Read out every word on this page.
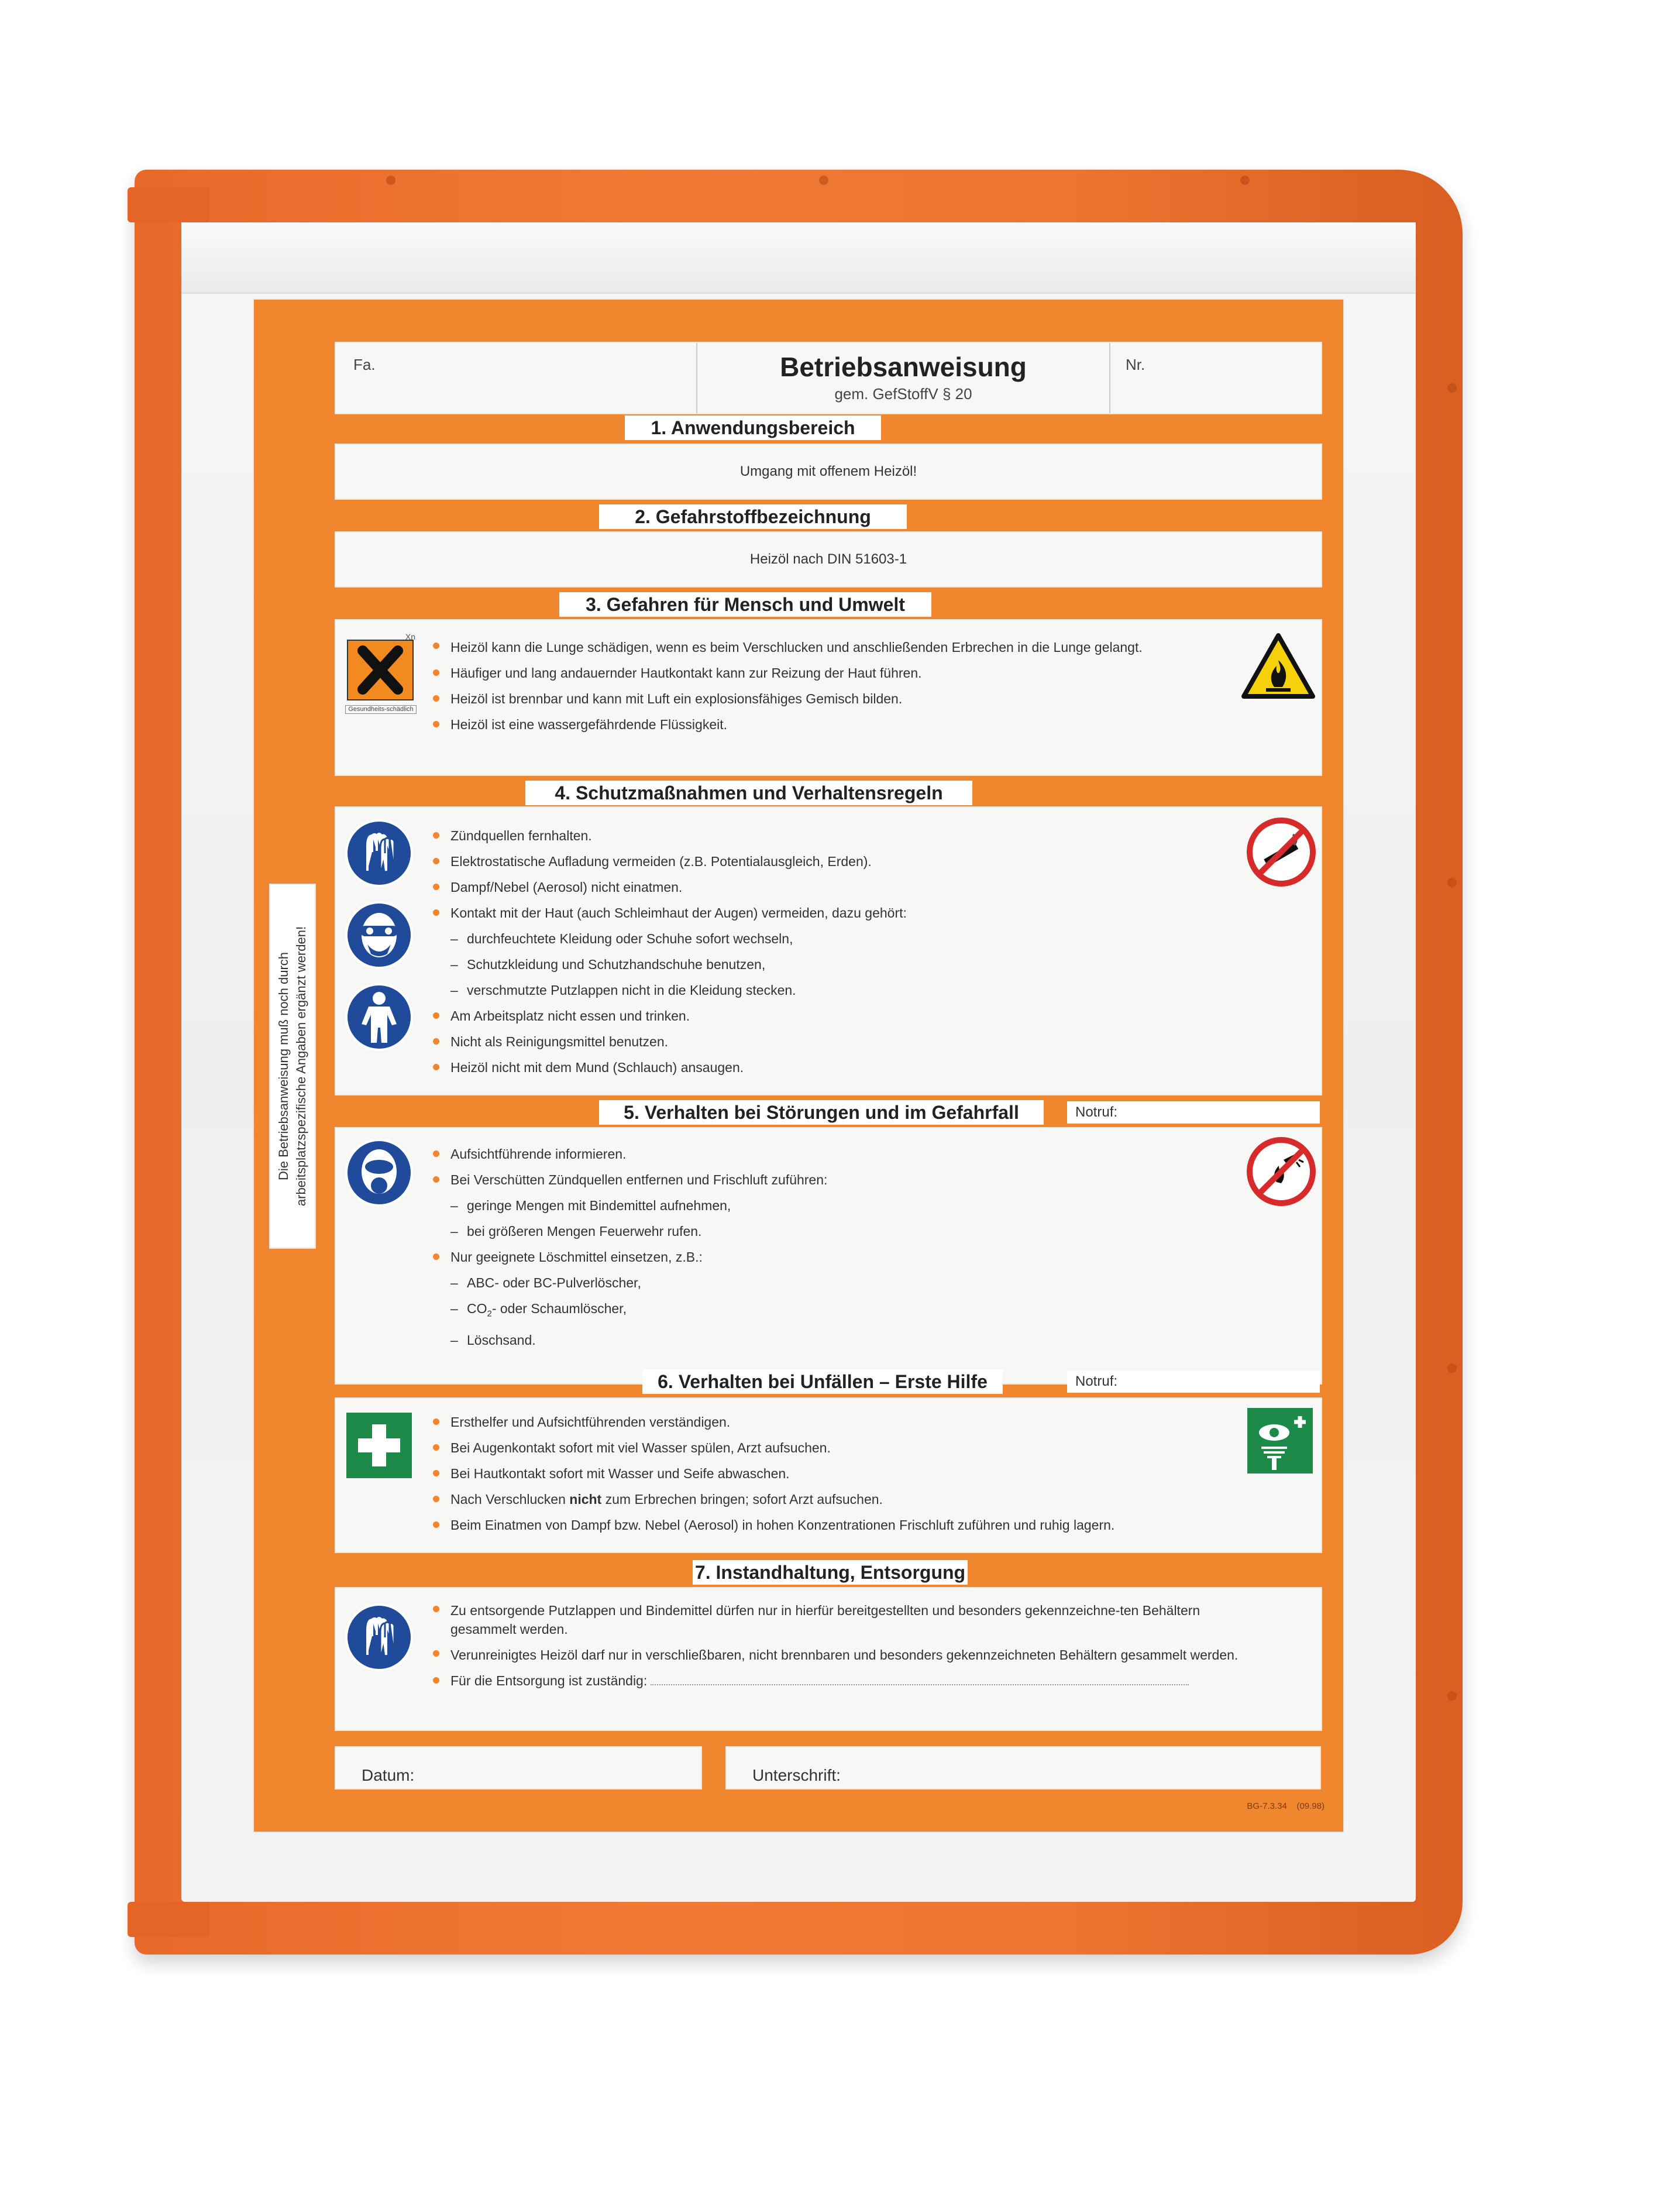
Fa.	Betriebsanweisung
gem. GefStoffV § 20
Nr.
1. Anwendungsbereich
Umgang mit offenem Heizöl!
2. Gefahrstoffbezeichnung
Heizöl nach DIN 51603-1
3. Gefahren für Mensch und Umwelt
Xn
Gesundheits-schädlich
Heizöl kann die Lunge schädigen, wenn es beim Verschlucken und anschließenden Erbrechen in die Lunge gelangt.
Häufiger und lang andauernder Hautkontakt kann zur Reizung der Haut führen.
Heizöl ist brennbar und kann mit Luft ein explosionsfähiges Gemisch bilden.
Heizöl ist eine wassergefährdende Flüssigkeit.
4. Schutzmaßnahmen und Verhaltensregeln
Zündquellen fernhalten.
Elektrostatische Aufladung vermeiden (z.B. Potentialausgleich, Erden).
Dampf/Nebel (Aerosol) nicht einatmen.
Kontakt mit der Haut (auch Schleimhaut der Augen) vermeiden, dazu gehört:
– durchfeuchtete Kleidung oder Schuhe sofort wechseln,
– Schutzkleidung und Schutzhandschuhe benutzen,
– verschmutzte Putzlappen nicht in die Kleidung stecken.
Am Arbeitsplatz nicht essen und trinken.
Nicht als Reinigungsmittel benutzen.
Heizöl nicht mit dem Mund (Schlauch) ansaugen.
5. Verhalten bei Störungen und im Gefahrfall	Notruf:
Aufsichtführende informieren.
Bei Verschütten Zündquellen entfernen und Frischluft zuführen:
– geringe Mengen mit Bindemittel aufnehmen,
– bei größeren Mengen Feuerwehr rufen.
Nur geeignete Löschmittel einsetzen, z.B.:
– ABC- oder BC-Pulverlöscher,
– $CO_2-$ oder Schaumlöscher,
– Löschsand.
6. Verhalten bei Unfällen – Erste Hilfe	Notruf:
Ersthelfer und Aufsichtführenden verständigen.
Bei Augenkontakt sofort mit viel Wasser spülen, Arzt aufsuchen.
Bei Hautkontakt sofort mit Wasser und Seife abwaschen.
Nach Verschlucken nicht zum Erbrechen bringen; sofort Arzt aufsuchen.
Beim Einatmen von Dampf bzw. Nebel (Aerosol) in hohen Konzentrationen Frischluft zuführen und ruhig lagern.
7. Instandhaltung, Entsorgung
Zu entsorgende Putzlappen und Bindemittel dürfen nur in hierfür bereitgestellten und besonders gekennzeichne-ten Behältern gesammelt werden.
Verunreinigtes Heizöl darf nur in verschließbaren, nicht brennbaren und besonders gekennzeichneten Behältern gesammelt werden.
Für die Entsorgung ist zuständig:
Datum:	Unterschrift:
BG-7.3.34    (09.98)
Die Betriebsanweisung muß noch durch arbeitsplatzspezifische Angaben ergänzt werden!
